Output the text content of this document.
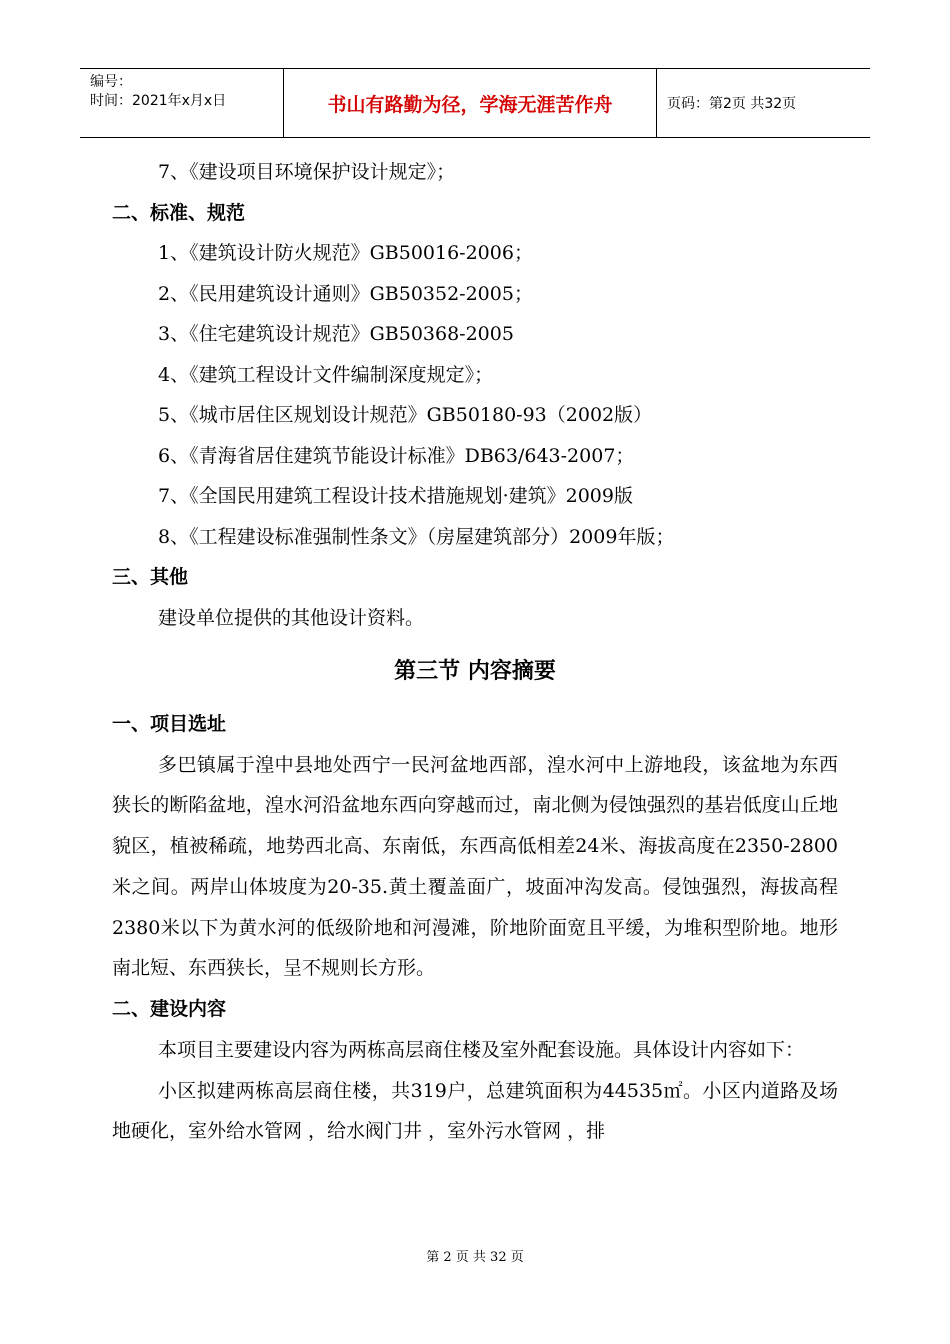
编号：
时间：2021年x月x日	书山有路勤为径，学海无涯苦作舟	页码：第2页 共32页
7、《建设项目环境保护设计规定》；
二、标准、规范
1、《建筑设计防火规范》GB50016-2006；
2、《民用建筑设计通则》GB50352-2005；
3、《住宅建筑设计规范》GB50368-2005
4、《建筑工程设计文件编制深度规定》；
5、《城市居住区规划设计规范》GB50180-93（2002版）
6、《青海省居住建筑节能设计标准》DB63/643-2007；
7、《全国民用建筑工程设计技术措施规划·建筑》2009版
8、《工程建设标准强制性条文》（房屋建筑部分）2009年版；
三、其他
建设单位提供的其他设计资料。
第三节 内容摘要
一、项目选址
多巴镇属于湟中县地处西宁一民河盆地西部，湟水河中上游地段，该盆地为东西狭长的断陷盆地，湟水河沿盆地东西向穿越而过，南北侧为侵蚀强烈的基岩低度山丘地貌区，植被稀疏，地势西北高、东南低，东西高低相差24米、海拔高度在2350-2800米之间。两岸山体坡度为20-35.黄土覆盖面广，坡面冲沟发高。侵蚀强烈，海拔高程2380米以下为黄水河的低级阶地和河漫滩，阶地阶面宽且平缓，为堆积型阶地。地形南北短、东西狭长，呈不规则长方形。
二、建设内容
本项目主要建设内容为两栋高层商住楼及室外配套设施。具体设计内容如下：
小区拟建两栋高层商住楼，共319户，总建筑面积为44535㎡。小区内道路及场地硬化，室外给水管网 ，给水阀门井 ，室外污水管网 ，排
第 2 页 共 32 页
